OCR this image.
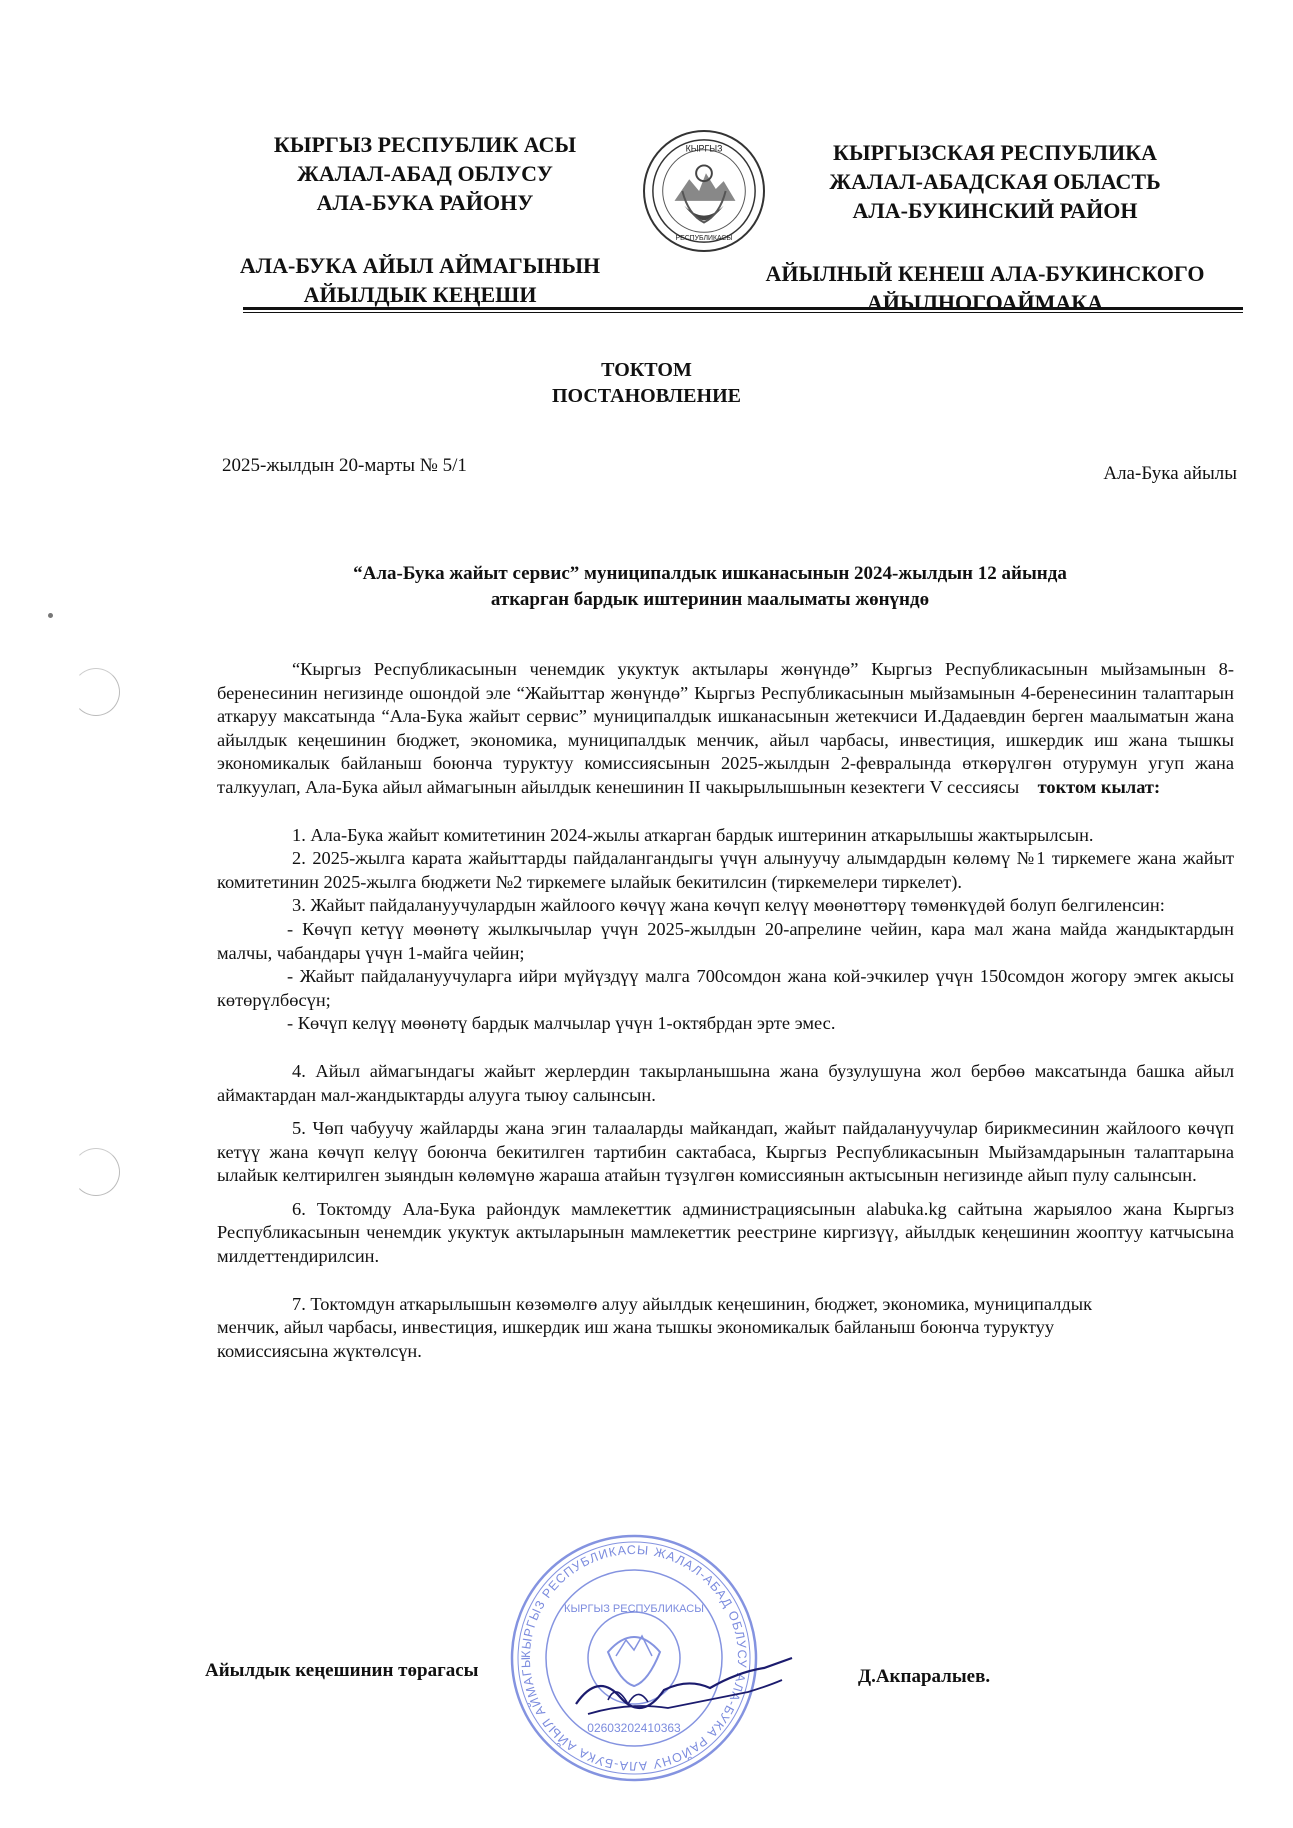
КЫРГЫЗ РЕСПУБЛИК АСЫ
ЖАЛАЛ-АБАД ОБЛУСУ
АЛА-БУКА РАЙОНУ
КЫРГЫЗ
РЕСПУБЛИКАСЫ
КЫРГЫЗСКАЯ РЕСПУБЛИКА
ЖАЛАЛ-АБАДСКАЯ ОБЛАСТЬ
АЛА-БУКИНСКИЙ РАЙОН
АЛА-БУКА АЙЫЛ АЙМАГЫНЫН
АЙЫЛДЫК КЕҢЕШИ
АЙЫЛНЫЙ КЕНЕШ АЛА-БУКИНСКОГО
АЙЫЛНОГОАЙМАКА
ТОКТОМ
ПОСТАНОВЛЕНИЕ
2025-жылдын 20-марты № 5/1	Ала-Бука айылы
“Ала-Бука жайыт сервис” муниципалдык ишканасынын 2024-жылдын 12 айында
аткарган бардык иштеринин маалыматы жөнүндө

“Кыргыз Республикасынын ченемдик укуктук актылары жөнүндө” Кыргыз Республикасынын мыйзамынын 8-беренесинин негизинде ошондой эле “Жайыттар жөнүндө” Кыргыз Республикасынын мыйзамынын 4-беренесинин талаптарын аткаруу максатында “Ала-Бука жайыт сервис” муниципалдык ишканасынын жетекчиси И.Дадаевдин берген маалыматын жана айылдык кеңешинин бюджет, экономика, муниципалдык менчик, айыл чарбасы, инвестиция, ишкердик иш жана тышкы экономикалык байланыш боюнча туруктуу комиссиясынын 2025-жылдын 2-февралында өткөрүлгөн отурумун угуп жана талкуулап, Ала-Бука айыл аймагынын айылдык кенешинин II чакырылышынын кезектеги V сессиясы токтом кылат:

1. Ала-Бука жайыт комитетинин 2024-жылы аткарган бардык иштеринин аткарылышы жактырылсын.

2. 2025-жылга карата жайыттарды пайдалангандыгы үчүн алынуучу алымдардын көлөмү №1 тиркемеге жана жайыт комитетинин 2025-жылга бюджети №2 тиркемеге ылайык бекитилсин (тиркемелери тиркелет).

3. Жайыт пайдалануучулардын жайлоого көчүү жана көчүп келүү мөөнөттөрү төмөнкүдөй болуп белгиленсин:

- Көчүп кетүү мөөнөтү жылкычылар үчүн 2025-жылдын 20-апрелине чейин, кара мал жана майда жандыктардын малчы, чабандары үчүн 1-майга чейин;

- Жайыт пайдалануучуларга ийри мүйүздүү малга 700сомдон жана кой-эчкилер үчүн 150сомдон жогору эмгек акысы көтөрүлбөсүн;

- Көчүп келүү мөөнөтү бардык малчылар үчүн 1-октябрдан эрте эмес.

4. Айыл аймагындагы жайыт жерлердин такырланышына жана бузулушуна жол бербөө максатында башка айыл аймактардан мал-жандыктарды алууга тыюу салынсын.

5. Чөп чабуучу жайларды жана эгин талааларды майкандап, жайыт пайдалануучулар бирикмесинин жайлоого көчүп кетүү жана көчүп келүү боюнча бекитилген тартибин сактабаса, Кыргыз Республикасынын Мыйзамдарынын талаптарына ылайык келтирилген зыяндын көлөмүнө жараша атайын түзүлгөн комиссиянын актысынын негизинде айып пулу салынсын.

6. Токтомду Ала-Бука райондук мамлекеттик администрациясынын alabuka.kg сайтына жарыялоо жана Кыргыз Республикасынын ченемдик укуктук актыларынын мамлекеттик реестрине киргизүү, айылдык кеңешинин жооптуу катчысына милдеттендирилсин.

7. Токтомдун аткарылышын көзөмөлгө алуу айылдык кеңешинин, бюджет, экономика, муниципалдык менчик, айыл чарбасы, инвестиция, ишкердик иш жана тышкы экономикалык байланыш боюнча туруктуу комиссиясына жүктөлсүн.

Айылдык кеңешинин төрагасы	Д.Акпаралыев.
КЫРГЫЗ РЕСПУБЛИКАСЫ ЖАЛАЛ-АБАД ОБЛУСУ АЛА-БУКА РАЙОНУ АЛА-БУКА АЙЫЛ АЙМАГЫ
КЫРГЫЗ РЕСПУБЛИКАСЫ
02603202410363
